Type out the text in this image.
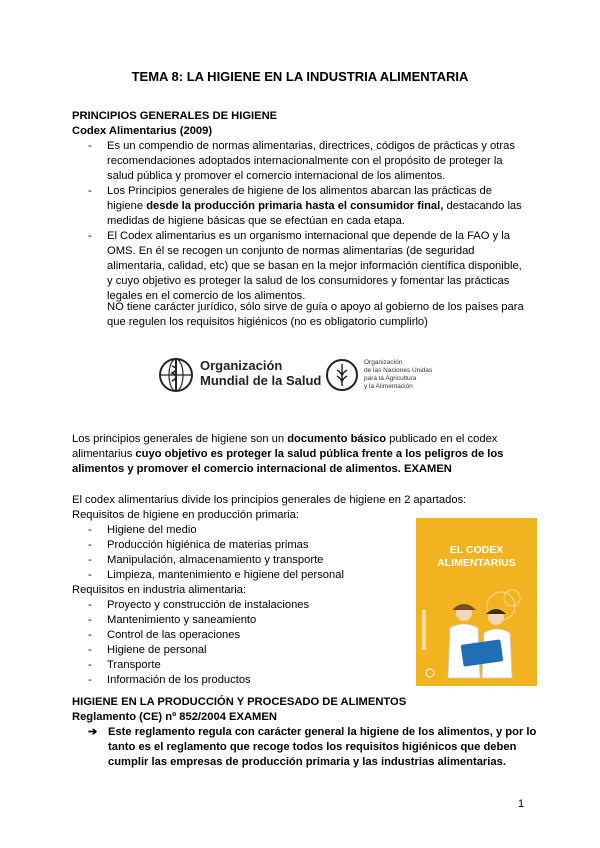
TEMA 8: LA HIGIENE EN LA INDUSTRIA ALIMENTARIA
PRINCIPIOS GENERALES DE HIGIENE
Codex Alimentarius (2009)
- Es un compendio de normas alimentarias, directrices, códigos de prácticas y otras recomendaciones adoptados internacionalmente con el propósito de proteger la salud pública y promover el comercio internacional de los alimentos.
- Los Principios generales de higiene de los alimentos abarcan las prácticas de higiene desde la producción primaria hasta el consumidor final, destacando las medidas de higiene básicas que se efectúan en cada etapa.
- El Codex alimentarius es un organismo internacional que depende de la FAO y la OMS. En él se recogen un conjunto de normas alimentarias (de seguridad alimentaria, calidad, etc) que se basan en la mejor información científica disponible, y cuyo objetivo es proteger la salud de los consumidores y fomentar las prácticas legales en el comercio de los alimentos.
NO tiene carácter jurídico, sólo sirve de guía o apoyo al gobierno de los países para que regulen los requisitos higiénicos (no es obligatorio cumplirlo)
Organización
Mundial de la Salud
Organización
de las Naciones Unidas
para la Agricultura
y la Alimentación
Los principios generales de higiene son un documento básico publicado en el codex alimentarius cuyo objetivo es proteger la salud pública frente a los peligros de los alimentos y promover el comercio internacional de alimentos. EXAMEN
El codex alimentarius divide los principios generales de higiene en 2 apartados:
Requisitos de higiene en producción primaria:
- Higiene del medio
- Producción higiénica de materias primas
- Manipulación, almacenamiento y transporte
- Limpieza, mantenimiento e higiene del personal
Requisitos en industria alimentaria:
- Proyecto y construcción de instalaciones
- Mantenimiento y saneamiento
- Control de las operaciones
- Higiene de personal
- Transporte
- Información de los productos
EL CODEX
ALIMENTARIUS
HIGIENE EN LA PRODUCCIÓN Y PROCESADO DE ALIMENTOS
Reglamento (CE) nº 852/2004 EXAMEN
➔ Este reglamento regula con carácter general la higiene de los alimentos, y por lo tanto es el reglamento que recoge todos los requisitos higiénicos que deben cumplir las empresas de producción primaria y las industrias alimentarias.
1
